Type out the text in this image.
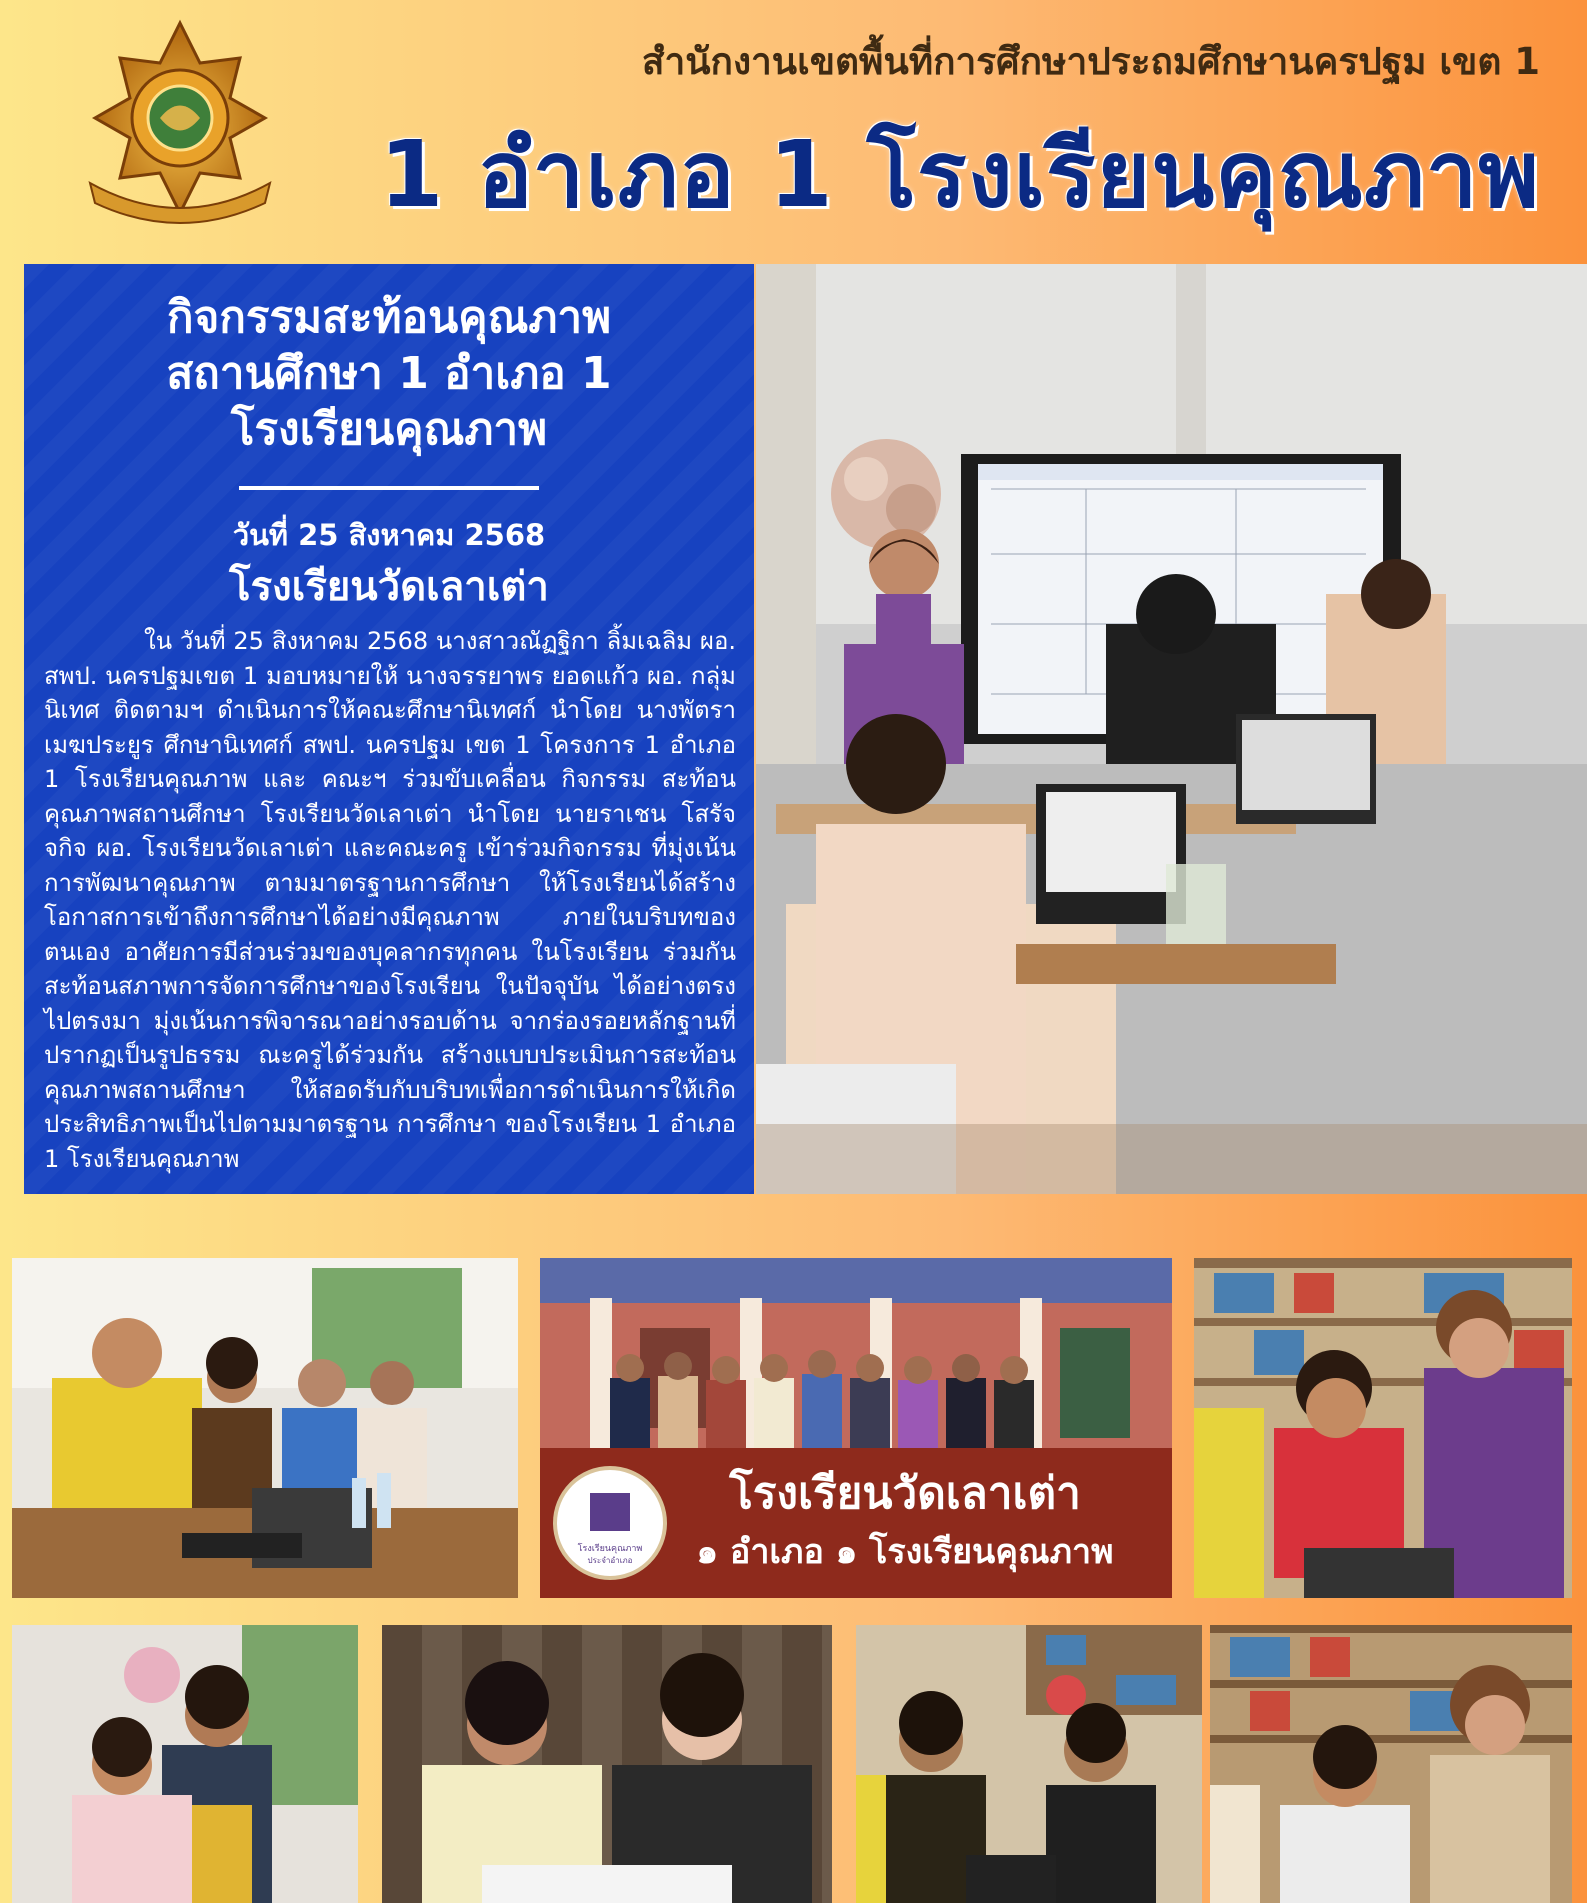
สำนักงานเขตพื้นที่การศึกษาประถมศึกษานครปฐม เขต 1
1 อำเภอ 1 โรงเรียนคุณภาพ
กิจกรรมสะท้อนคุณภาพ
สถานศึกษา 1 อำเภอ 1
โรงเรียนคุณภาพ
วันที่ 25 สิงหาคม 2568
โรงเรียนวัดเลาเต่า
ใน วันที่ 25 สิงหาคม 2568 นางสาวณัฏฐิกา ลิ้มเฉลิม ผอ. สพป. นครปฐมเขต 1 มอบหมายให้ นางจรรยาพร ยอดแก้ว ผอ. กลุ่มนิเทศ ติดตามฯ ดำเนินการให้คณะศึกษานิเทศก์ นำโดย นางพัตรา เมฆประยูร ศึกษานิเทศก์ สพป. นครปฐม เขต 1 โครงการ 1 อำเภอ 1 โรงเรียนคุณภาพ และ คณะฯ ร่วมขับเคลื่อน กิจกรรม สะท้อนคุณภาพสถานศึกษา โรงเรียนวัดเลาเต่า นำโดย นายราเชน โสรัจจกิจ ผอ. โรงเรียนวัดเลาเต่า และคณะครู เข้าร่วมกิจกรรม ที่มุ่งเน้น การพัฒนาคุณภาพ ตามมาตรฐานการศึกษา ให้โรงเรียนได้สร้างโอกาสการเข้าถึงการศึกษาได้อย่างมีคุณภาพ ภายในบริบทของตนเอง อาศัยการมีส่วนร่วมของบุคลากรทุกคน ในโรงเรียน ร่วมกัน สะท้อนสภาพการจัดการศึกษาของโรงเรียน ในปัจจุบัน ได้อย่างตรงไปตรงมา มุ่งเน้นการพิจารณาอย่างรอบด้าน จากร่องรอยหลักฐานที่ปรากฏเป็นรูปธรรม ณะครูได้ร่วมกัน สร้างแบบประเมินการสะท้อนคุณภาพสถานศึกษา ให้สอดรับกับบริบทเพื่อการดำเนินการให้เกิดประสิทธิภาพเป็นไปตามมาตรฐาน การศึกษา ของโรงเรียน 1 อำเภอ 1 โรงเรียนคุณภาพ
โรงเรียนคุณภาพ
ประจำอำเภอ
โรงเรียนวัดเลาเต่า
๑ อำเภอ ๑ โรงเรียนคุณภาพ
